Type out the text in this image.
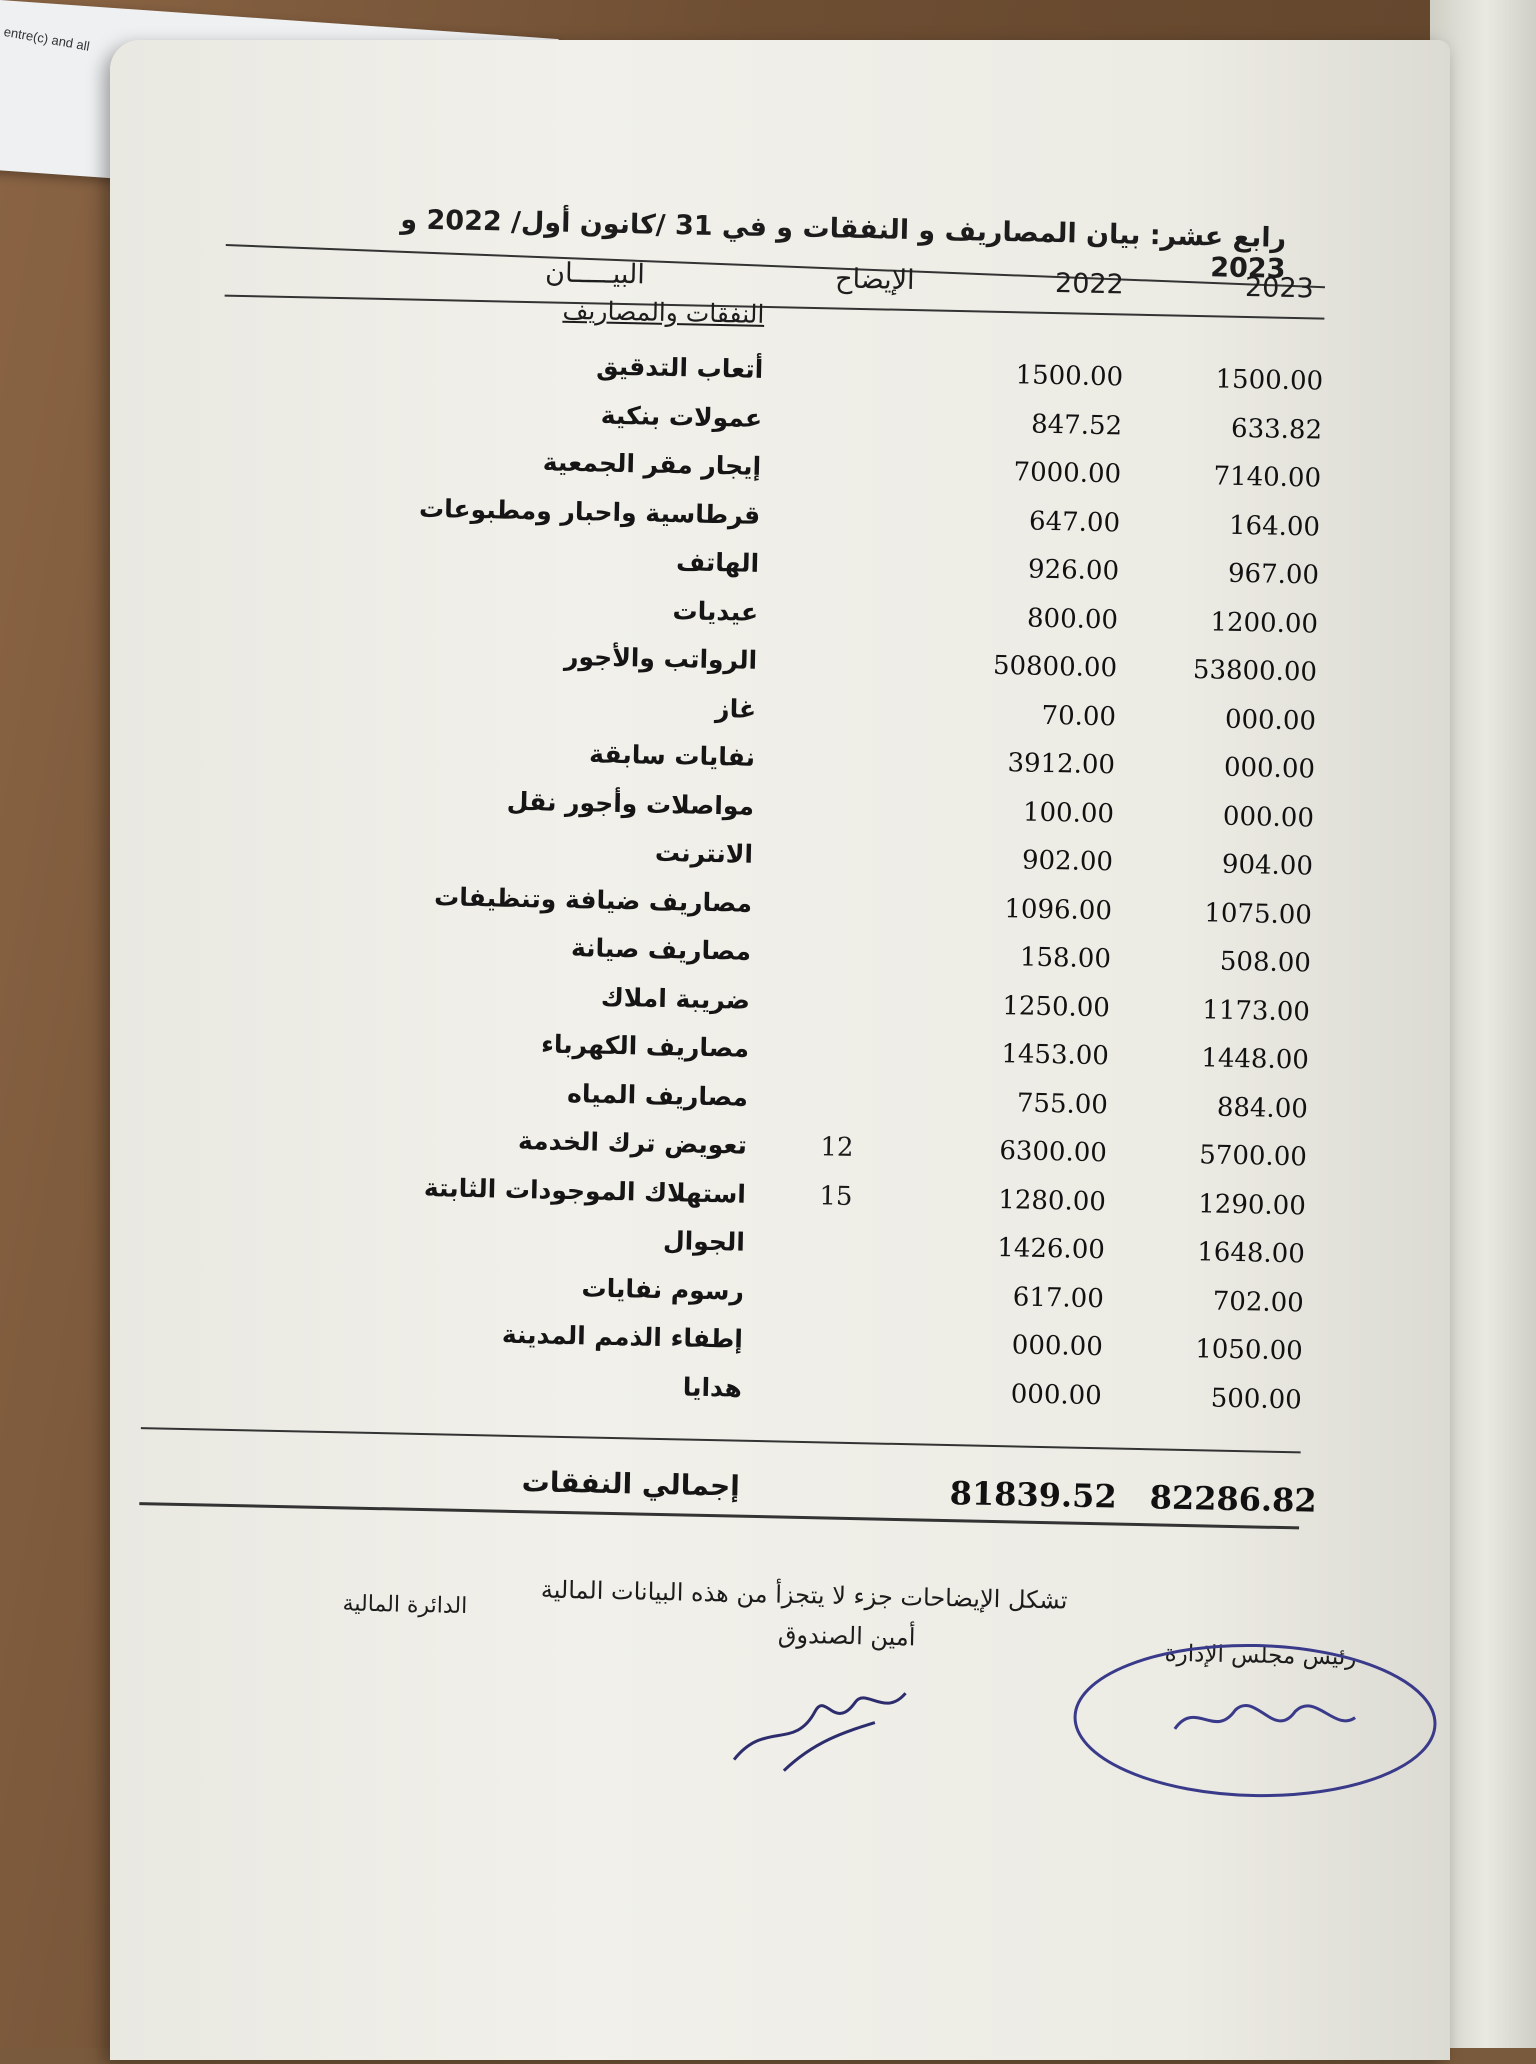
entre(c) and all
رابع عشر: بيان المصاريف و النفقات و في 31 /كانون أول/ 2022 و 2023
2023
2022
الإيضاح
البيـــــان
النفقات والمصاريف
أتعاب التدقيق	1500.00	1500.00
عمولات بنكية	847.52	633.82
إيجار مقر الجمعية	7000.00	7140.00
قرطاسية واحبار ومطبوعات	647.00	164.00
الهاتف	926.00	967.00
عيديات	800.00	1200.00
الرواتب والأجور	50800.00	53800.00
غاز	70.00	000.00
نفايات سابقة	3912.00	000.00
مواصلات وأجور نقل	100.00	000.00
الانترنت	902.00	904.00
مصاريف ضيافة وتنظيفات	1096.00	1075.00
مصاريف صيانة	158.00	508.00
ضريبة املاك	1250.00	1173.00
مصاريف الكهرباء	1453.00	1448.00
مصاريف المياه	755.00	884.00
تعويض ترك الخدمة	12	6300.00	5700.00
استهلاك الموجودات الثابتة	15	1280.00	1290.00
الجوال	1426.00	1648.00
رسوم نفايات	617.00	702.00
إطفاء الذمم المدينة	000.00	1050.00
هدايا	000.00	500.00
إجمالي النفقات	81839.52 82286.82
تشكل الإيضاحات جزء لا يتجزأ من هذه البيانات المالية
الدائرة المالية
أمين الصندوق
رئيس مجلس الإدارة
